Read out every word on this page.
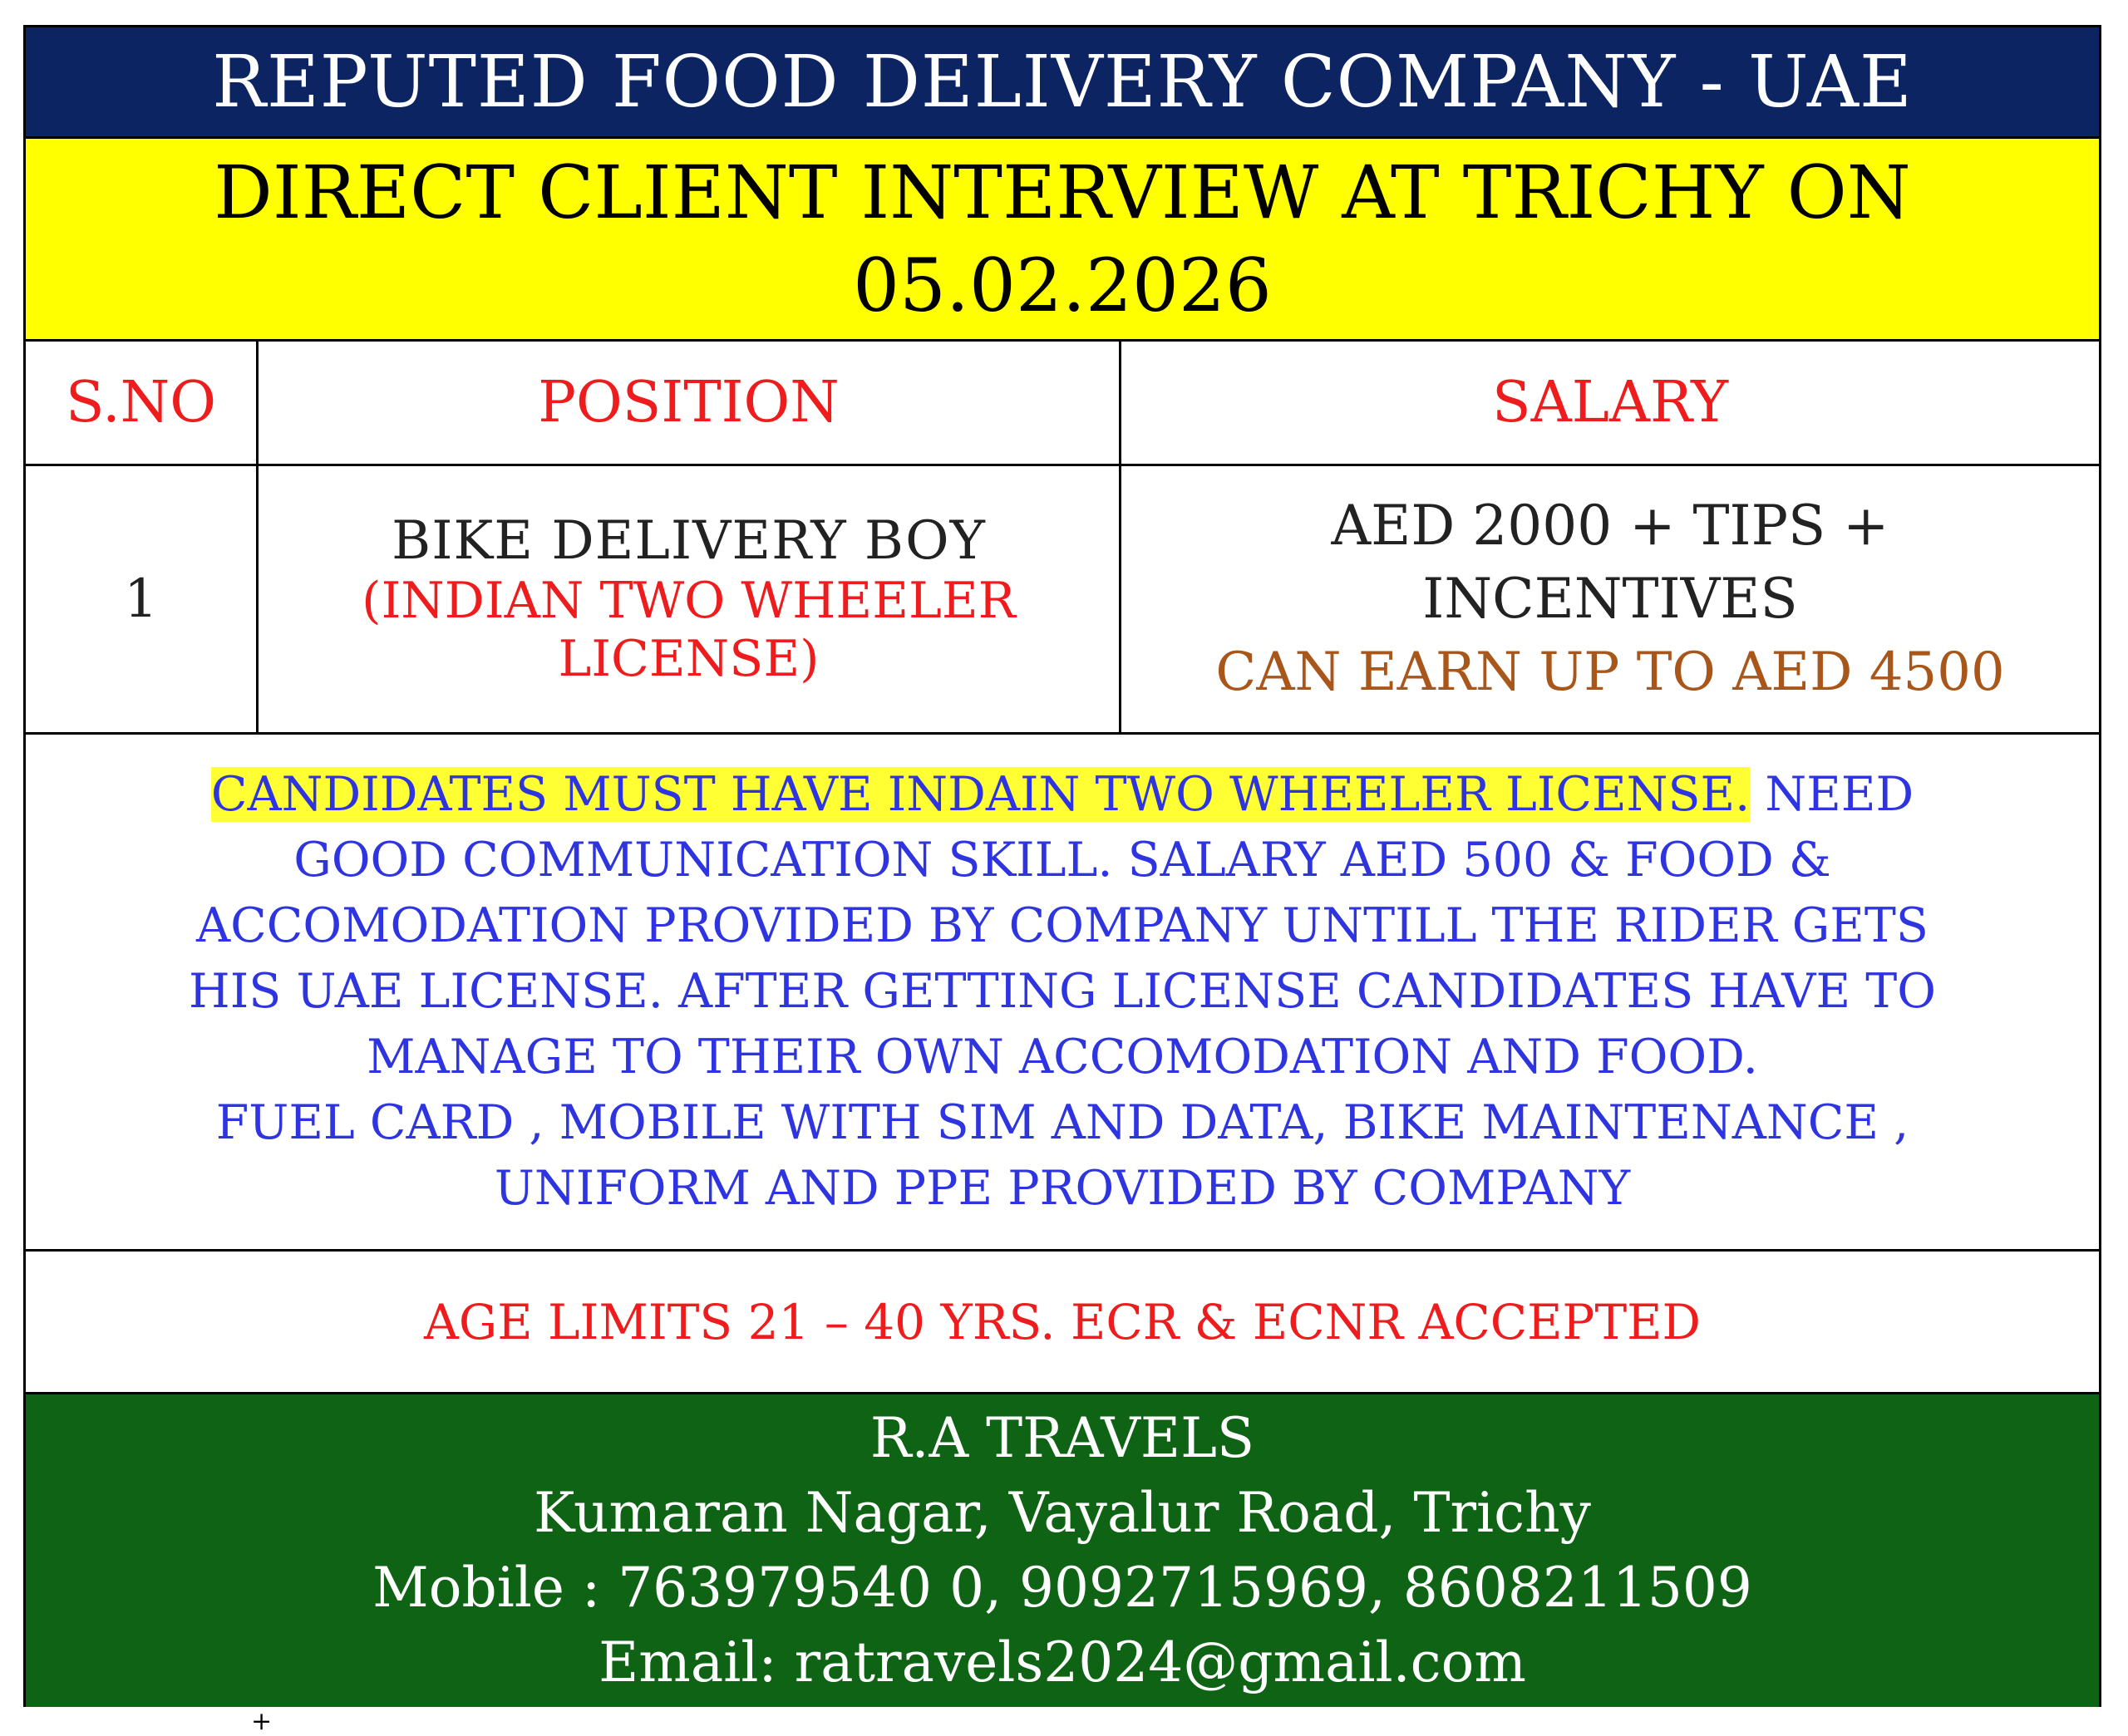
REPUTED FOOD DELIVERY COMPANY - UAE
DIRECT CLIENT INTERVIEW AT TRICHY ON
05.02.2026
S.NO	POSITION	SALARY
1
BIKE DELIVERY BOY
(INDIAN TWO WHEELER
LICENSE)
AED 2000 + TIPS +
INCENTIVES
CAN EARN UP TO AED 4500
CANDIDATES MUST HAVE INDAIN TWO WHEELER LICENSE. NEED
GOOD COMMUNICATION SKILL. SALARY AED 500 & FOOD &
ACCOMODATION PROVIDED BY COMPANY UNTILL THE RIDER GETS
HIS UAE LICENSE. AFTER GETTING LICENSE CANDIDATES HAVE TO
MANAGE TO THEIR OWN ACCOMODATION AND FOOD.
FUEL CARD , MOBILE WITH SIM AND DATA, BIKE MAINTENANCE ,
UNIFORM AND PPE PROVIDED BY COMPANY
AGE LIMITS 21 – 40 YRS. ECR & ECNR ACCEPTED
R.A TRAVELS
Kumaran Nagar, Vayalur Road, Trichy
Mobile : 763979540 0, 9092715969, 8608211509
Email: ratravels2024@gmail.com
+
